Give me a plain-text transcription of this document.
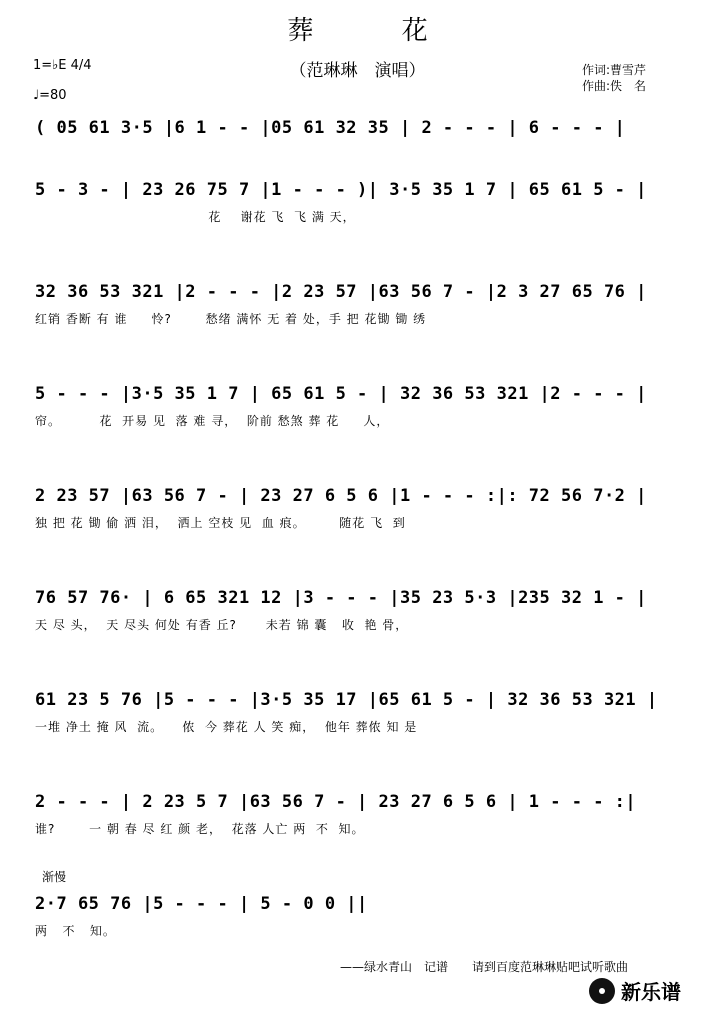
葬 花
（范琳琳　演唱）	作词:曹雪芹
作曲:佚　名
1=♭E 4/4
♩=80
( 05 61 3·5 |6 1 - - |05 61 32 35 | 2 - - - | 6 - - - |
5 - 3 - | 23 26 75 7 |1 - - - )| 3·5 35 1 7 | 65 61 5 - |
花    谢花 飞  飞 满 天，
32 36 53 321 |2 - - - |2 23 57 |63 56 7 - |2 3 27 65 76 |
红销 香断 有 谁     怜?       愁绪 满怀 无 着 处，手 把 花锄 锄 绣
5 - - - |3·5 35 1 7 | 65 61 5 - | 32 36 53 321 |2 - - - |
帘。        花  开易 见  落 难 寻，  阶前 愁煞 葬 花     人，
2 23 57 |63 56 7 - | 23 27 6 5 6 |1 - - - :|: 72 56 7·2 |
独 把 花 锄 偷 洒 泪，  洒上 空枝 见  血 痕。       随花 飞  到
76 57 76· | 6 65 321 12 |3 - - - |35 23 5·3 |235 32 1 - |
天 尽 头，  天 尽头 何处 有香 丘?      未若 锦 囊   收  艳 骨，
61 23 5 76 |5 - - - |3·5 35 17 |65 61 5 - | 32 36 53 321 |
一堆 净土 掩 风  流。    侬  今 葬花 人 笑 痴，  他年 葬侬 知 是
2 - - - | 2 23 5 7 |63 56 7 - | 23 27 6 5 6 | 1 - - - :|
谁?       一 朝 春 尽 红 颜 老，  花落 人亡 两  不  知。
2·7 65 76 |5 - - - | 5 - 0 0 ||
两   不   知。
渐慢
——绿水青山　记谱　　请到百度范琳琳贴吧试听歌曲
新乐谱
